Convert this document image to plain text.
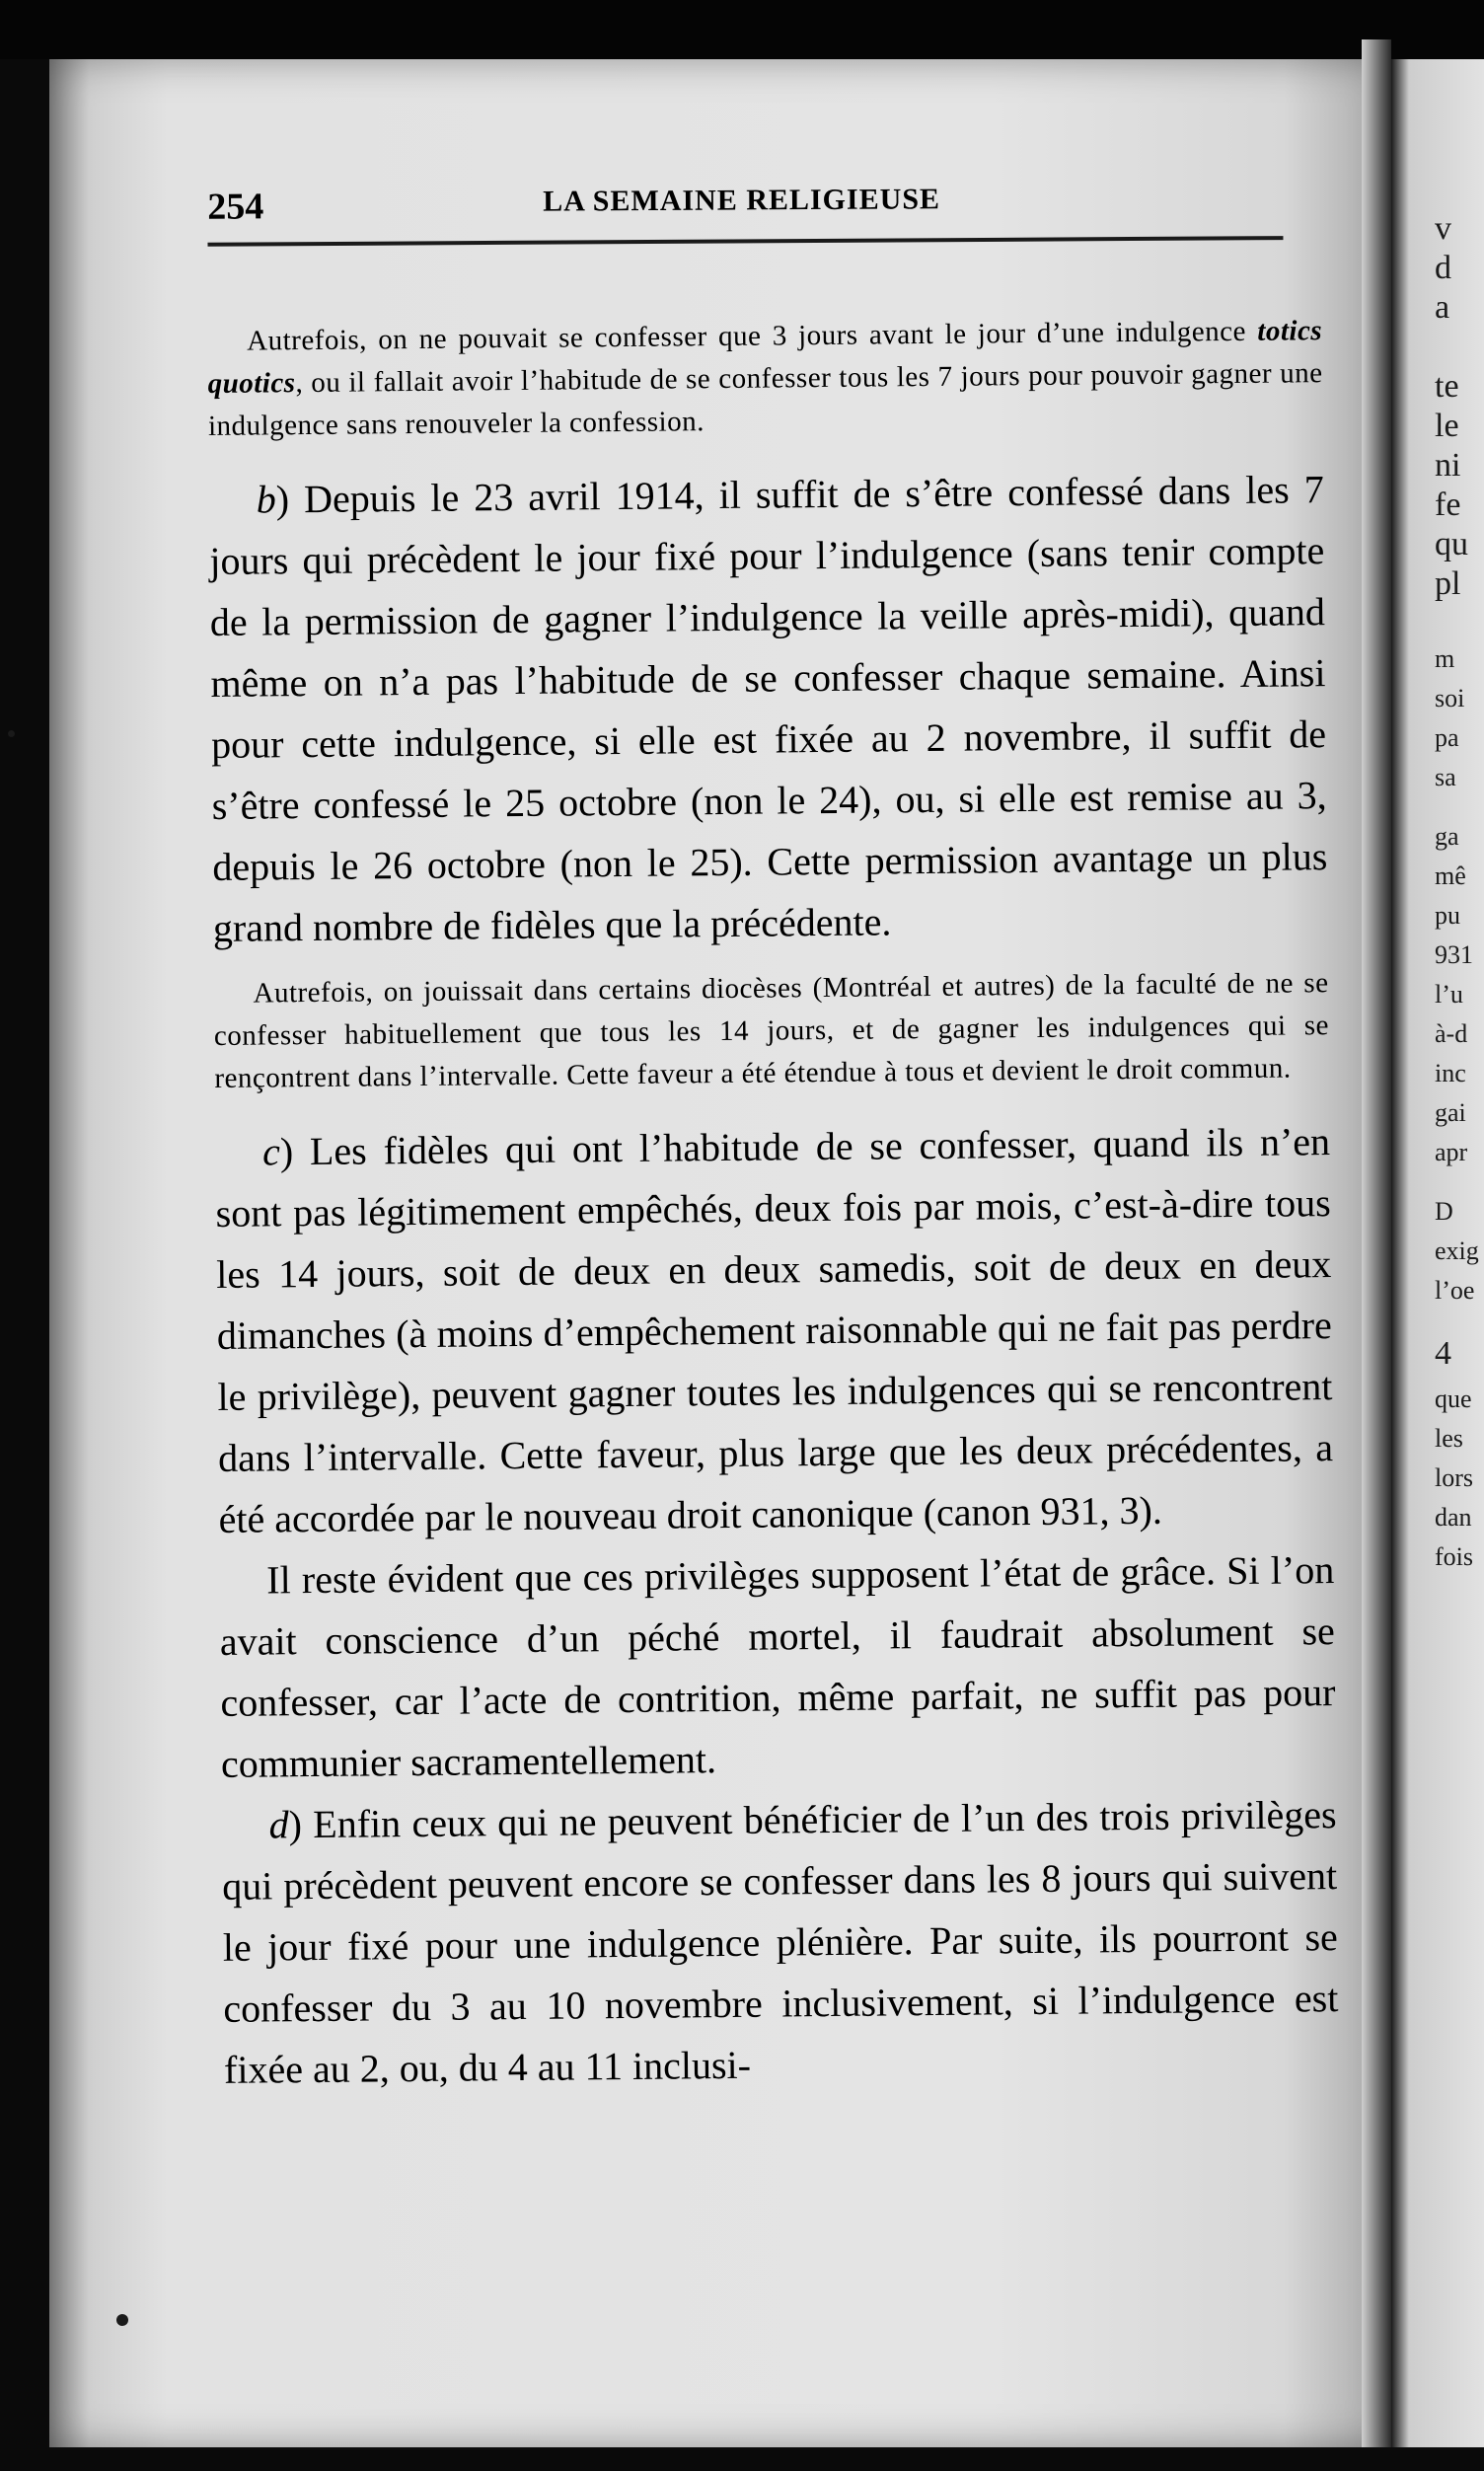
v
d
a
te
le
ni
fe
qu
pl
m
soi
pa
sa
ga
mê
pu
931
l’u
à-d
inc
gai
apr
D
exig
l’oe
4
que
les
lors
dan
fois
254	LA SEMAINE RELIGIEUSE

Autrefois, on ne pouvait se confesser que 3 jours avant le jour d’une indulgence totics quotics, ou il fallait avoir l’habitude de se confesser tous les 7 jours pour pouvoir gagner une indulgence sans renouveler la confession.

b) Depuis le 23 avril 1914, il suffit de s’être confessé dans les 7 jours qui précèdent le jour fixé pour l’indulgence (sans tenir compte de la permission de gagner l’indulgence la veille après-midi), quand même on n’a pas l’habitude de se confesser chaque semaine. Ainsi pour cette indulgence, si elle est fixée au 2 novembre, il suffit de s’être confessé le 25 octobre (non le 24), ou, si elle est remise au 3, depuis le 26 octobre (non le 25). Cette permission avantage un plus grand nombre de fidèles que la précédente.

Autrefois, on jouissait dans certains diocèses (Montréal et autres) de la faculté de ne se confesser habituellement que tous les 14 jours, et de gagner les indulgences qui se rençontrent dans l’intervalle. Cette faveur a été étendue à tous et devient le droit commun.

c) Les fidèles qui ont l’habitude de se confesser, quand ils n’en sont pas légitimement empêchés, deux fois par mois, c’est-à-dire tous les 14 jours, soit de deux en deux samedis, soit de deux en deux dimanches (à moins d’empêchement raisonnable qui ne fait pas perdre le privilège), peuvent gagner toutes les indulgences qui se rencontrent dans l’intervalle. Cette faveur, plus large que les deux précédentes, a été accordée par le nouveau droit canonique (canon 931, 3).

Il reste évident que ces privilèges supposent l’état de grâce. Si l’on avait conscience d’un péché mortel, il faudrait absolument se confesser, car l’acte de contrition, même parfait, ne suffit pas pour communier sacramentellement.

d) Enfin ceux qui ne peuvent bénéficier de l’un des trois privilèges qui précèdent peuvent encore se confesser dans les 8 jours qui suivent le jour fixé pour une indulgence plénière. Par suite, ils pourront se confesser du 3 au 10 novembre inclusivement, si l’indulgence est fixée au 2, ou, du 4 au 11 inclusi-
